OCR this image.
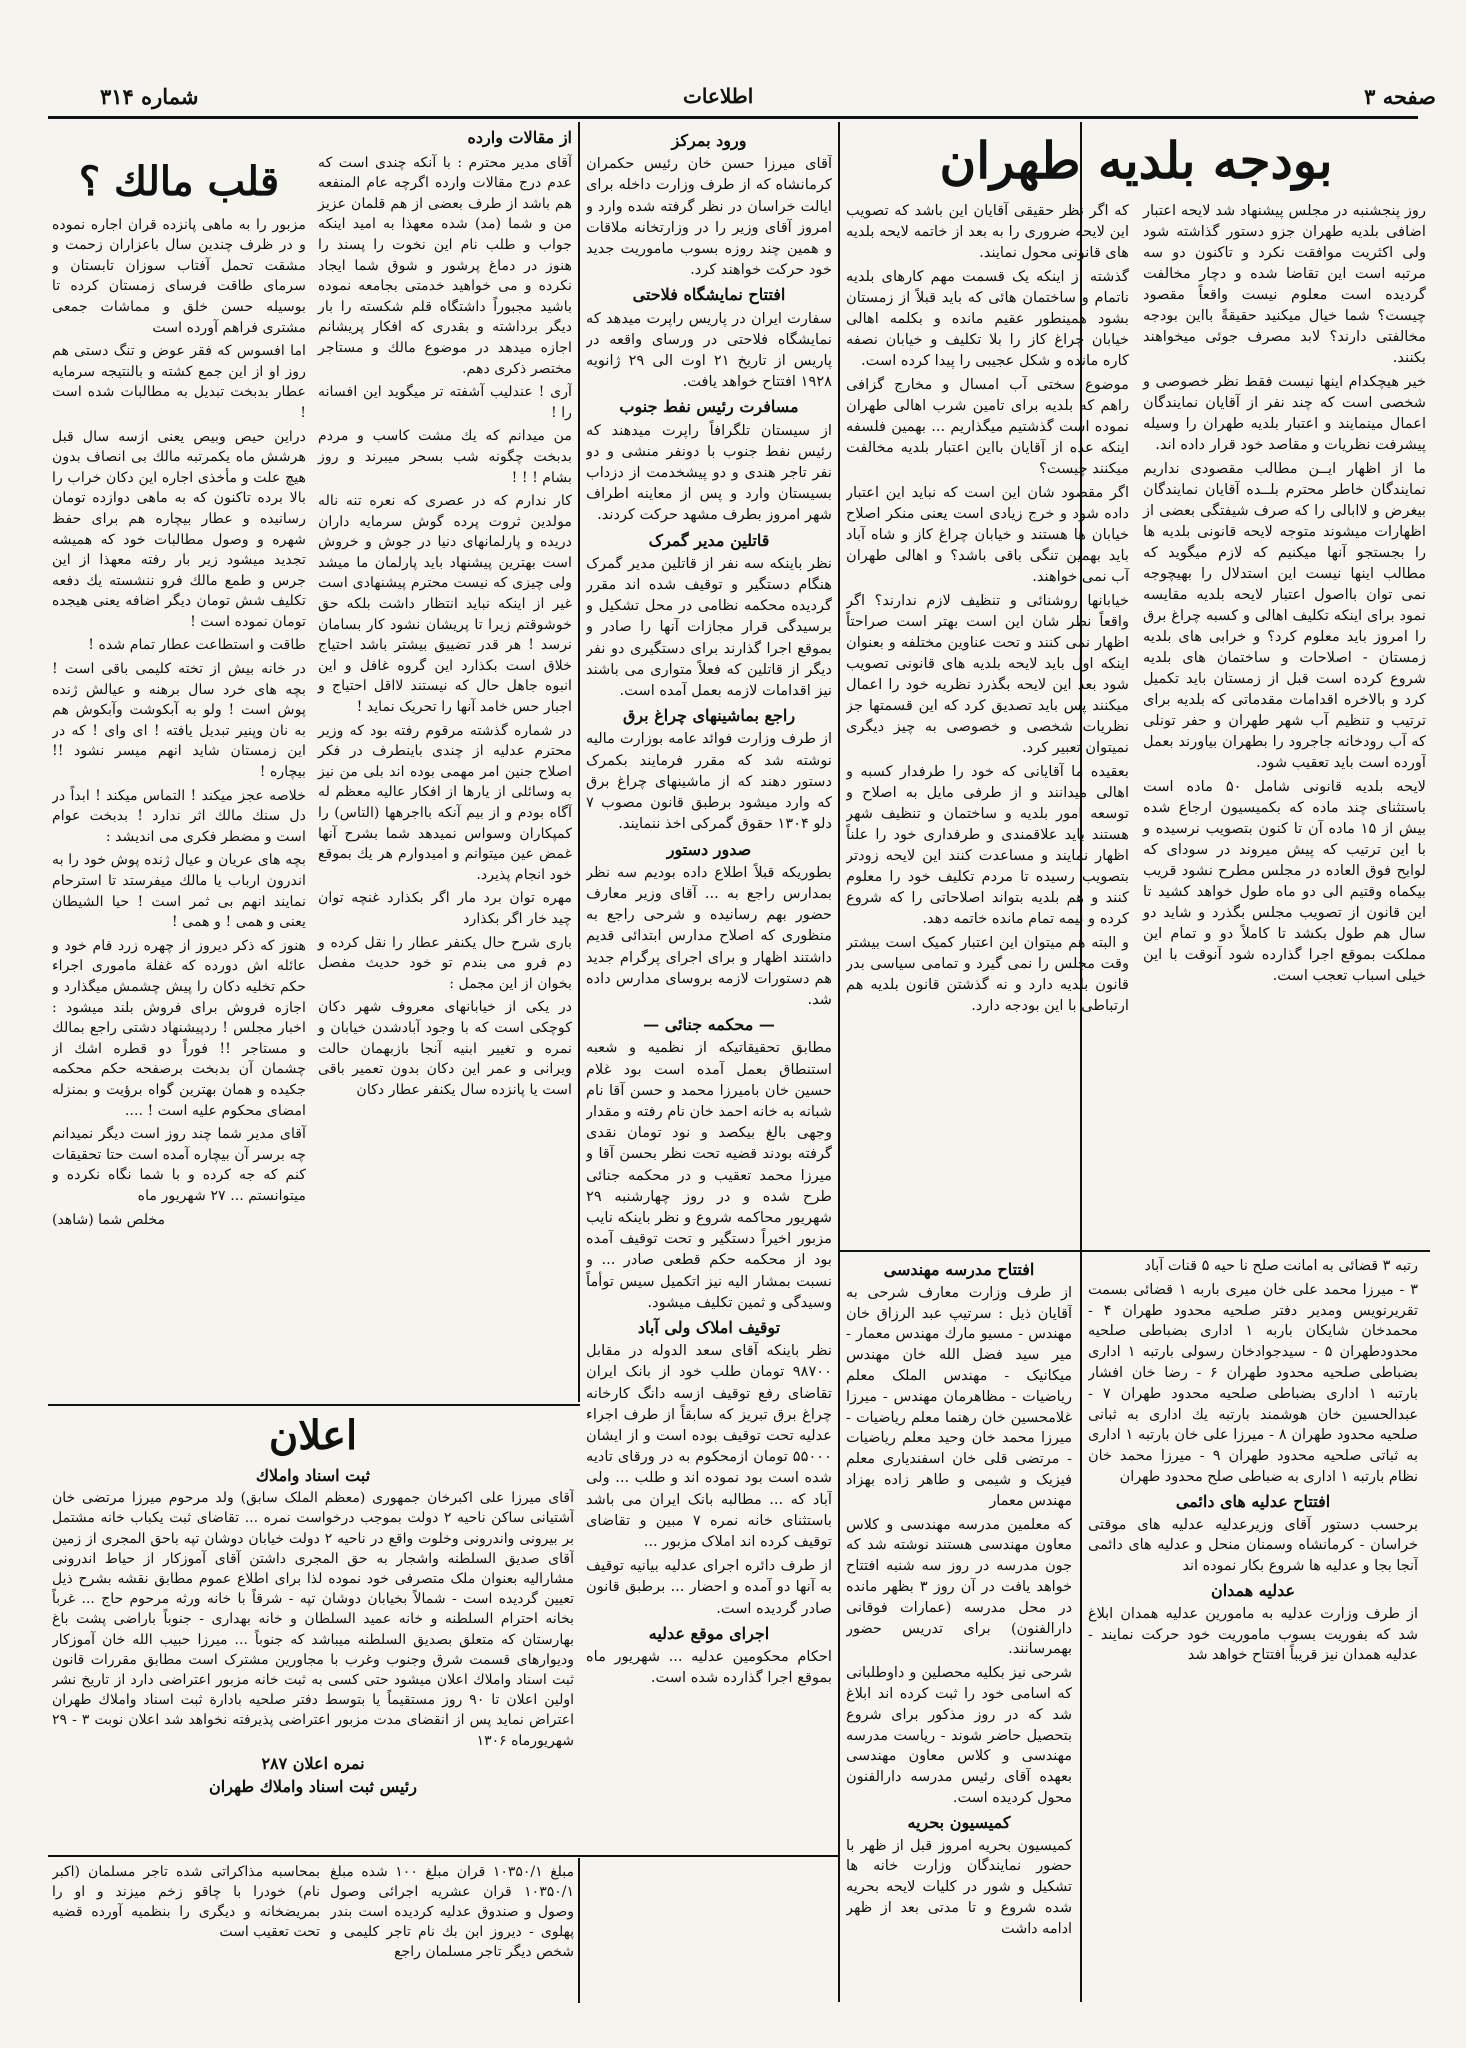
صفحه ۳
اطلاعات
شماره ۳۱۴
بودجه بلدیه طهران

روز پنجشنبه در مجلس پیشنهاد شد لایحه اعتبار اضافی بلدیه طهران جزو دستور گذاشته شود ولی اکثریت موافقت نکرد و تاکنون دو سه مرتبه است این تقاضا شده و دچار مخالفت گردیده است معلوم نیست واقعاً مقصود چیست؟ شما خیال میکنید حقیقةً بااین بودجه مخالفتی دارند؟ لابد مصرف جوئی میخواهند بکنند.

خیر هیچکدام اینها نیست فقط نظر خصوصی و شخصی است که چند نفر از آقایان نمایندگان اعمال مینمایند و اعتبار بلدیه طهران را وسیله پیشرفت نظریات و مقاصد خود قرار داده اند.

ما از اظهار ایــن مطالب مقصودی نداریم نمایندگان خاطر محترم بلــده آقایان نمایندگان بیغرض و لاابالی را که صرف شیفتگی بعضی از اظهارات میشوند متوجه لایحه قانونی بلدیه ها را بجستجو آنها میکنیم که لازم میگوید که مطالب اینها نیست این استدلال را بهیچوجه نمی توان بااصول اعتبار لایحه بلدیه مقایسه نمود برای اینکه تکلیف اهالی و کسبه چراغ برق را امروز باید معلوم کرد؟ و خرابی های بلدیه زمستان - اصلاحات و ساختمان های بلدیه شروع کرده است قبل از زمستان باید تکمیل کرد و بالاخره اقدامات مقدماتی که بلدیه برای ترتیب و تنظیم آب شهر طهران و حفر تونلی که آب رودخانه جاجرود را بطهران بیاورند بعمل آورده است باید تعقیب شود.

لایحه بلدیه قانونی شامل ۵۰ ماده است باستثنای چند ماده که بکمیسیون ارجاع شده بیش از ۱۵ ماده آن تا کنون بتصویب نرسیده و با این ترتیب که پیش میروند در سودای که لوایح فوق العاده در مجلس مطرح نشود قریب بیکماه وقتیم الی دو ماه طول خواهد کشید تا این قانون از تصویب مجلس بگذرد و شاید دو سال هم طول بکشد تا کاملاً دو و تمام این مملکت بموقع اجرا گذارده شود آنوقت با این خیلی اسباب تعجب است.

که اگر نظر حقیقی آقایان این باشد که تصویب این لایحه ضروری را به بعد از خاتمه لایحه بلدیه های قانونی محول نمایند.

گذشته از اینکه یک قسمت مهم کارهای بلدیه ناتمام و ساختمان هائی که باید قبلاً از زمستان بشود همینطور عقیم مانده و بکلمه اهالی خیابان چراغ کاز را بلا تکلیف و خیابان نصفه کاره مانده و شکل عجیبی را پیدا کرده است.

موضوع سختی آب امسال و مخارج گزافی راهم که بلدیه برای تامین شرب اهالی طهران نموده است گذشتیم میگذاریم ... بهمین فلسفه اینکه عده از آقایان بااین اعتبار بلدیه مخالفت میکنند چیست؟

اگر مقصود شان این است که نباید این اعتبار داده شود و خرج زیادی است یعنی منکر اصلاح خیابان ها هستند و خیابان چراغ کاز و شاه آباد باید بهمین تنگی باقی باشد؟ و اهالی طهران آب نمی خواهند.

خیابانها روشنائی و تنظیف لازم ندارند؟ اگر واقعاً نظر شان این است بهتر است صراحتاً اظهار نمی کنند و تحت عناوین مختلفه و بعنوان اینکه اول باید لایحه بلدیه های قانونی تصویب شود بعد این لایحه بگذرد نظریه خود را اعمال میکنند پس باید تصدیق کرد که این قسمتها جز نظریات شخصی و خصوصی به چیز دیگری نمیتوان تعبیر کرد.

بعقیده ما آقایانی که خود را طرفدار کسبه و اهالی میدانند و از طرفی مایل به اصلاح و توسعه امور بلدیه و ساختمان و تنظیف شهر هستند باید علاقمندی و طرفداری خود را علناً اظهار نمایند و مساعدت کنند این لایحه زودتر بتصویب رسیده تا مردم تکلیف خود را معلوم کنند و هم بلدیه بتواند اصلاحاتی را که شروع کرده و نیمه تمام مانده خاتمه دهد.

و البته هم میتوان این اعتبار کمیک است بیشتر وقت مجلس را نمی گیرد و تمامی سیاسی بدر قانون بلدیه دارد و نه گذشتن قانون بلدیه هم ارتباطی با این بودجه دارد.

رتبه ۳ قضائی به امانت صلح نا حیه ۵ قنات آباد

۳ - میرزا محمد علی خان میری باربه ۱ قضائی بسمت تقریرنویس ومدیر دفتر صلحیه محدود طهران ۴ - محمدخان شایکان باربه ۱ اداری بضباطی صلحیه محدودطهران ۵ - سیدجوادخان رسولی بارتبه ۱ اداری بضباطی صلحیه محدود طهران ۶ - رضا خان افشار بارتبه ۱ اداری بضباطی صلحیه محدود طهران ۷ - عبدالحسین خان هوشمند بارتبه یك اداری به ثبانی صلحیه محدود طهران ۸ - میرزا علی خان بارتبه ۱ اداری به ثباتی صلحیه محدود طهران ۹ - میرزا محمد خان نظام بارتبه ۱ اداری به ضباطی صلح محدود طهران

افتتاح عدلیه های دائمی

برحسب دستور آقای وزیرعدلیه عدلیه های موقتی خراسان - کرمانشاه وسمنان منحل و عدلیه های دائمی آنجا بجا و عدلیه ها شروع بکار نموده اند

عدلیه همدان

از طرف وزارت عدلیه به مامورین عدلیه همدان ابلاغ شد که بفوریت بسوب ماموریت خود حرکت نمایند - عدلیه همدان نیز قریباً افتتاح خواهد شد

افتتاح مدرسه مهندسی

از طرف وزارت معارف شرحی به آقایان ذیل : سرتیپ عبد الرزاق خان مهندس - مسیو مارك مهندس معمار - میر سید فضل الله خان مهندس میکانیک - مهندس الملک معلم ریاضیات - مظاهرمان مهندس - میرزا غلامحسین خان رهنما معلم ریاضیات - میرزا محمد خان وحید معلم ریاضیات - مرتضی قلی خان اسفندیاری معلم فیزیک و شیمی و طاهر زاده بهزاد مهندس معمار

که معلمین مدرسه مهندسی و کلاس معاون مهندسی هستند نوشته شد که جون مدرسه در روز سه شنبه افتتاح خواهد یافت در آن روز ۳ بظهر مانده در محل مدرسه (عمارات فوقانی دارالفنون) برای تدریس حضور بهمرسانند.

شرحی نیز بکلیه محصلین و داوطلبانی که اسامی خود را ثبت کرده اند ابلاغ شد که در روز مذکور برای شروع بتحصیل حاضر شوند - ریاست مدرسه مهندسی و کلاس معاون مهندسی بعهده آقای رئیس مدرسه دارالفنون محول کردیده است.

کمیسیون بحریه

کمیسیون بحریه امروز قبل از ظهر با حضور نمایندگان وزارت خانه ها تشکیل و شور در کلیات لایحه بحریه شده شروع و تا مدتی بعد از ظهر ادامه داشت

ورود بمرکز

آقای میرزا حسن خان رئیس حکمران کرمانشاه که از طرف وزارت داخله برای ایالت خراسان در نظر گرفته شده وارد و امروز آقای وزیر را در وزارتخانه ملاقات و همین چند روزه بسوب ماموریت جدید خود حرکت خواهند کرد.

افتتاح نمایشگاه فلاحتی

سفارت ایران در پاریس راپرت میدهد که نمایشگاه فلاحتی در ورسای واقعه در پاریس از تاریخ ۲۱ اوت الی ۲۹ ژانویه ۱۹۲۸ افتتاح خواهد یافت.

مسافرت رئیس نفط جنوب

از سیستان تلگرافاً راپرت میدهند که رئیس نفط جنوب با دونفر منشی و دو نفر تاجر هندی و دو پیشخدمت از دزداب بسیستان وارد و پس از معاینه اطراف شهر امروز بطرف مشهد حرکت کردند.

قاتلین مدیر گمرک

نظر باینکه سه نفر از قاتلین مدیر گمرک هنگام دستگیر و توقیف شده اند مقرر گردیده محکمه نظامی در محل تشکیل و برسیدگی قرار مجازات آنها را صادر و بموقع اجرا گذارند برای دستگیری دو نفر دیگر از قاتلین که فعلاً متواری می باشند نیز اقدامات لازمه بعمل آمده است.

راجع بماشینهای چراغ برق

از طرف وزارت فوائد عامه بوزارت مالیه نوشته شد که مقرر فرمایند بکمرک دستور دهند که از ماشینهای چراغ برق که وارد میشود برطبق قانون مصوب ۷ دلو ۱۳۰۴ حقوق گمرکی اخذ ننمایند.

صدور دستور

بطوریکه قبلاً اطلاع داده بودیم سه نظر بمدارس راجع به ... آقای وزیر معارف حضور بهم رسانیده و شرحی راجع به منظوری که اصلاح مدارس ابتدائی قدیم داشتند اظهار و برای اجرای پرگرام جدید هم دستورات لازمه بروسای مدارس داده شد.

— محکمه جنائی —

مطابق تحقیقاتیکه از نظمیه و شعبه استنطاق بعمل آمده است بود غلام حسین خان بامیرزا محمد و حسن آقا نام شبانه به خانه احمد خان نام رفته و مقدار وجهی بالغ بیکصد و نود تومان نقدی گرفته بودند قضیه تحت نظر بحسن آقا و میرزا محمد تعقیب و در محکمه جنائی طرح شده و در روز چهارشنبه ۲۹ شهریور محاکمه شروع و نظر باینکه نایب مزبور اخیراً دستگیر و تحت توقیف آمده بود از محکمه حکم قطعی صادر ... و نسبت بمشار الیه نیز اتکمیل سیس توأماً وسیدگی و ثمین تکلیف میشود.

توقیف املاک ولی آباد

نظر باینکه آقای سعد الدوله در مقابل ۹۸۷۰۰ تومان طلب خود از بانک ایران تقاضای رفع توقیف ازسه دانگ کارخانه چراغ برق تبریز که سابقاً از طرف اجراء عدلیه تحت توقیف بوده است و از ایشان ۵۵۰۰۰ تومان ازمحکوم به در ورقای تادیه شده است بود نموده اند و طلب ... ولی آباد که ... مطالبه بانک ایران می باشد باستثنای خانه نمره ۷ مبین و تقاضای توقیف کرده اند املاک مزبور ...

از طرف دائره اجرای عدلیه بیانیه توقیف به آنها دو آمده و احضار ... برطبق قانون صادر گردیده است.

اجرای موقع عدلیه

احکام محکومین عدلیه ... شهریور ماه بموقع اجرا گذارده شده است.

از مقالات وارده

آقای مدیر محترم : با آنکه چندی است که عدم درج مقالات وارده اگرچه عام المنفعه هم باشد از طرف بعضی از هم قلمان عزیز من و شما (مد) شده معهذا به امید اینکه جواب و طلب نام این نخوت را پسند را هنوز در دماغ پرشور و شوق شما ایجاد نکرده و می خواهید خدمتی بجامعه نموده باشید مجبوراً داشتگاه قلم شکسته را بار دیگر برداشته و بقدری که افکار پریشانم اجازه میدهد در موضوع مالك و مستاجر مختصر ذکری دهم.

آری ! عندلیب آشفته تر میگوید این افسانه را !

من میدانم که یك مشت کاسب و مردم بدبخت چگونه شب بسحر میبرند و روز بشام ! ! !

کار ندارم که در عصری که نعره تنه ناله مولدین ثروت پرده گوش سرمایه داران دریده و پارلمانهای دنیا در جوش و خروش است بهترین پیشنهاد باید پارلمان ما میشد ولی چیزی که نیست محترم پیشنهادی است غیر از اینکه نباید انتظار داشت بلکه حق خوشوقتم زیرا تا پریشان نشود کار بسامان نرسد ! هر قدر تضییق بیشتر باشد احتیاج خلاق است بکذارد این گروه غافل و این انبوه جاهل حال که نیستند لااقل احتیاج و اجبار حس خامد آنها را تحریک نماید !

در شماره گذشته مرقوم رفته بود که وزیر محترم عدلیه از چندی باینطرف در فکر اصلاح جنین امر مهمی بوده اند بلی من نیز به وسائلی از یارها از افکار عالیه معظم له آگاه بودم و از بیم آنکه بااجرهها (التاس) را کمپکاران وسواس نمیدهد شما بشرح آنها غمض عین میتوانم و امیدوارم هر یك بموقع خود انجام پذیرد.

مهره توان برد مار اگر بکذارد غنچه توان چید خار اگر بکذارد

باری شرح حال یکنفر عطار را نقل کرده و دم فرو می بندم تو خود حدیث مفصل بخوان از این مجمل :

در یکی از خیابانهای معروف شهر دکان کوچکی است که با وجود آبادشدن خیابان و نمره و تغییر ابنیه آنجا بازبهمان حالت ویرانی و عمر این دکان بدون تعمیر باقی است یا پانزده سال یکنفر عطار دکان

قلب مالك ؟

مزبور را به ماهی پانزده قران اجاره نموده و در ظرف چندین سال باعزاران زحمت و مشقت تحمل آفتاب سوزان تابستان و سرمای طاقت فرسای زمستان کرده تا بوسیله حسن خلق و مماشات جمعی مشتری فراهم آورده است

اما افسوس که فقر عوض و تنگ دستی هم روز او از این جمع کشته و بالنتیجه سرمایه عطار بدبخت تبدیل به مطالبات شده است !

دراین حیص وبیص یعنی ازسه سال قبل هرشش ماه یکمرتبه مالك بی انصاف بدون هیچ علت و مأخذی اجاره این دکان خراب را بالا برده تاکنون که به ماهی دوازده تومان رسانیده و عطار بیچاره هم برای حفظ شهره و وصول مطالبات خود که همیشه تجدید میشود زیر بار رفته معهذا از این جرس و طمع مالك فرو ننشسته یك دفعه تکلیف شش تومان دیگر اضافه یعنی هیجده تومان نموده است !

طاقت و استطاعت عطار تمام شده !

در خانه بیش از تخته کلیمی باقی است ! بچه های خرد سال برهنه و عیالش ژنده پوش است ! ولو به آبکوشت وآبکوش هم به نان وپنیر تبدیل یافته ! ای وای ! که در این زمستان شاید انهم میسر نشود !! بیچاره !

خلاصه عجز میکند ! التماس میکند ! ابداً در دل سنك مالك اثر ندارد ! بدبخت عوام است و مضطر فکری می اندیشد :

بچه های عریان و عیال ژنده پوش خود را به اندرون ارباب یا مالك میفرستد تا استرحام نمایند انهم بی ثمر است ! حیا الشیطان یعنی و همی ! و همی !

هنوز که ذکر دیروز از چهره زرد فام خود و عائله اش دورده که غفلة ماموری اجراء حکم تخلیه دکان را پیش چشمش میگذارد و اجازه فروش برای فروش بلند میشود : اخبار مجلس ! ردپیشنهاد دشتی راجع بمالك و مستاجر !! فوراً دو قطره اشك از چشمان آن بدبخت برصفحه حکم محکمه جکیده و همان بهترین گواه برؤیت و بمنزله امضای محکوم علیه است ! ....

آقای مدیر شما چند روز است دیگر نمیدانم چه برسر آن بیچاره آمده است حتا تحقیقات کنم که جه کرده و با شما نگاه نکرده و میتوانستم ... ۲۷ شهریور ماه

مخلص شما (شاهد)

اعلان
ثبت اسناد واملاك

آقای میرزا علی اکبرخان جمهوری (معظم الملک سابق) ولد مرحوم میرزا مرتضی خان آشتیانی ساکن ناحیه ۲ دولت بموجب درخواست نمره ... تقاضای ثبت یکباب خانه مشتمل بر بیرونی واندرونی وخلوت واقع در ناحیه ۲ دولت خیابان دوشان تپه باحق المجری از زمین آقای صدیق السلطنه واشجار به حق المجری داشتن آقای آموزکار از حیاط اندرونی مشارالیه بعنوان ملک متصرفی خود نموده لذا برای اطلاع عموم مطابق نقشه بشرح ذیل تعیین گردیده است - شمالاً بخیابان دوشان تپه - شرقاً با خانه ورثه مرحوم حاج ... غرباً بخانه احترام السلطنه و خانه عمید السلطان و خانه بهداری - جنوباً باراضی پشت باغ بهارستان که متعلق بصدیق السلطنه میباشد که جنوباً ... میرزا حبیب الله خان آموزکار ودیوارهای قسمت شرق وجنوب وغرب با مجاورین مشترک است مطابق مقررات قانون ثبت اسناد واملاك اعلان میشود حتی کسی به ثبت خانه مزبور اعتراضی دارد از تاریخ نشر اولین اعلان تا ۹۰ روز مستقیماً یا بتوسط دفتر صلحیه بادارة ثبت اسناد واملاك طهران اعتراض نماید پس از انقضای مدت مزبور اعتراضی پذیرفته نخواهد شد اعلان نوبت ۳ - ۲۹ شهریورماه ۱۳۰۶

نمره اعلان ۲۸۷

رئیس ثبت اسناد واملاك طهران

مبلغ ۱۰۳۵۰/۱ قران مبلغ ۱۰۰ شده مبلغ ۱۰۳۵۰/۱ قران عشریه اجرائی وصول وصول و صندوق عدلیه کردیده است بندر پهلوی - دیروز ابن بك نام تاجر کلیمی و شخص دیگر تاجر مسلمان راجع

بمحاسبه مذاکراتی شده تاجر مسلمان (اکبر نام) خودرا با چاقو زخم میزند و او را بمریضخانه و دیگری را بنظمیه آورده قضیه تحت تعقیب است
